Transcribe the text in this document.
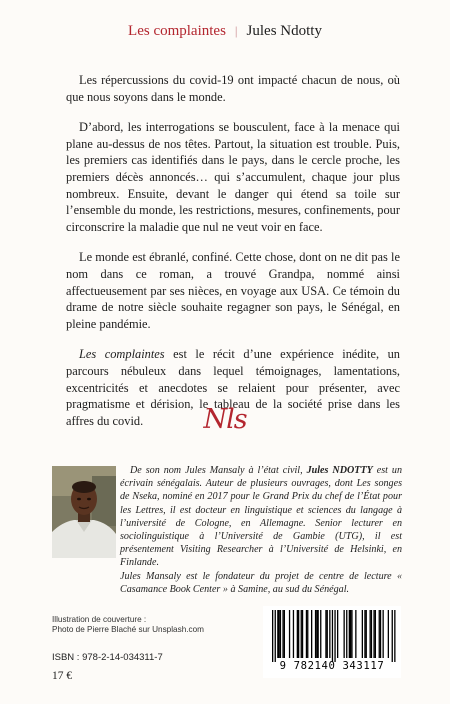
Les complaintes | Jules Ndotty

Les répercussions du covid-19 ont impacté chacun de nous, où que nous soyons dans le monde.

D’abord, les interrogations se bousculent, face à la menace qui plane au-dessus de nos têtes. Partout, la situation est trouble. Puis, les premiers cas identifiés dans le pays, dans le cercle proche, les premiers décès annoncés… qui s’accumulent, chaque jour plus nombreux. Ensuite, devant le danger qui étend sa toile sur l’ensemble du monde, les restrictions, mesures, confinements, pour circonscrire la maladie que nul ne veut voir en face.

Le monde est ébranlé, confiné. Cette chose, dont on ne dit pas le nom dans ce roman, a trouvé Grandpa, nommé ainsi affectueusement par ses nièces, en voyage aux USA. Ce témoin du drame de notre siècle souhaite regagner son pays, le Sénégal, en pleine pandémie.

Les complaintes est le récit d’une expérience inédite, un parcours nébuleux dans lequel témoignages, lamentations, excentricités et anecdotes se relaient pour présenter, avec pragmatisme et dérision, le tableau de la société prise dans les affres du covid.	Nls

De son nom Jules Mansaly à l’état civil, Jules NDOTTY est un écrivain sénégalais. Auteur de plusieurs ouvrages, dont Les songes de Nseka, nominé en 2017 pour le Grand Prix du chef de l’État pour les Lettres, il est docteur en linguistique et sciences du langage à l’université de Cologne, en Allemagne. Senior lecturer en sociolinguistique à l’Université de Gambie (UTG), il est présentement Visiting Researcher à l’Université de Helsinki, en Finlande.

Jules Mansaly est le fondateur du projet de centre de lecture « Casamance Book Center » à Samine, au sud du Sénégal.

Illustration de couverture :
Photo de Pierre Blaché sur Unsplash.com
ISBN : 978-2-14-034311-7
17 €
9 782140 343117
